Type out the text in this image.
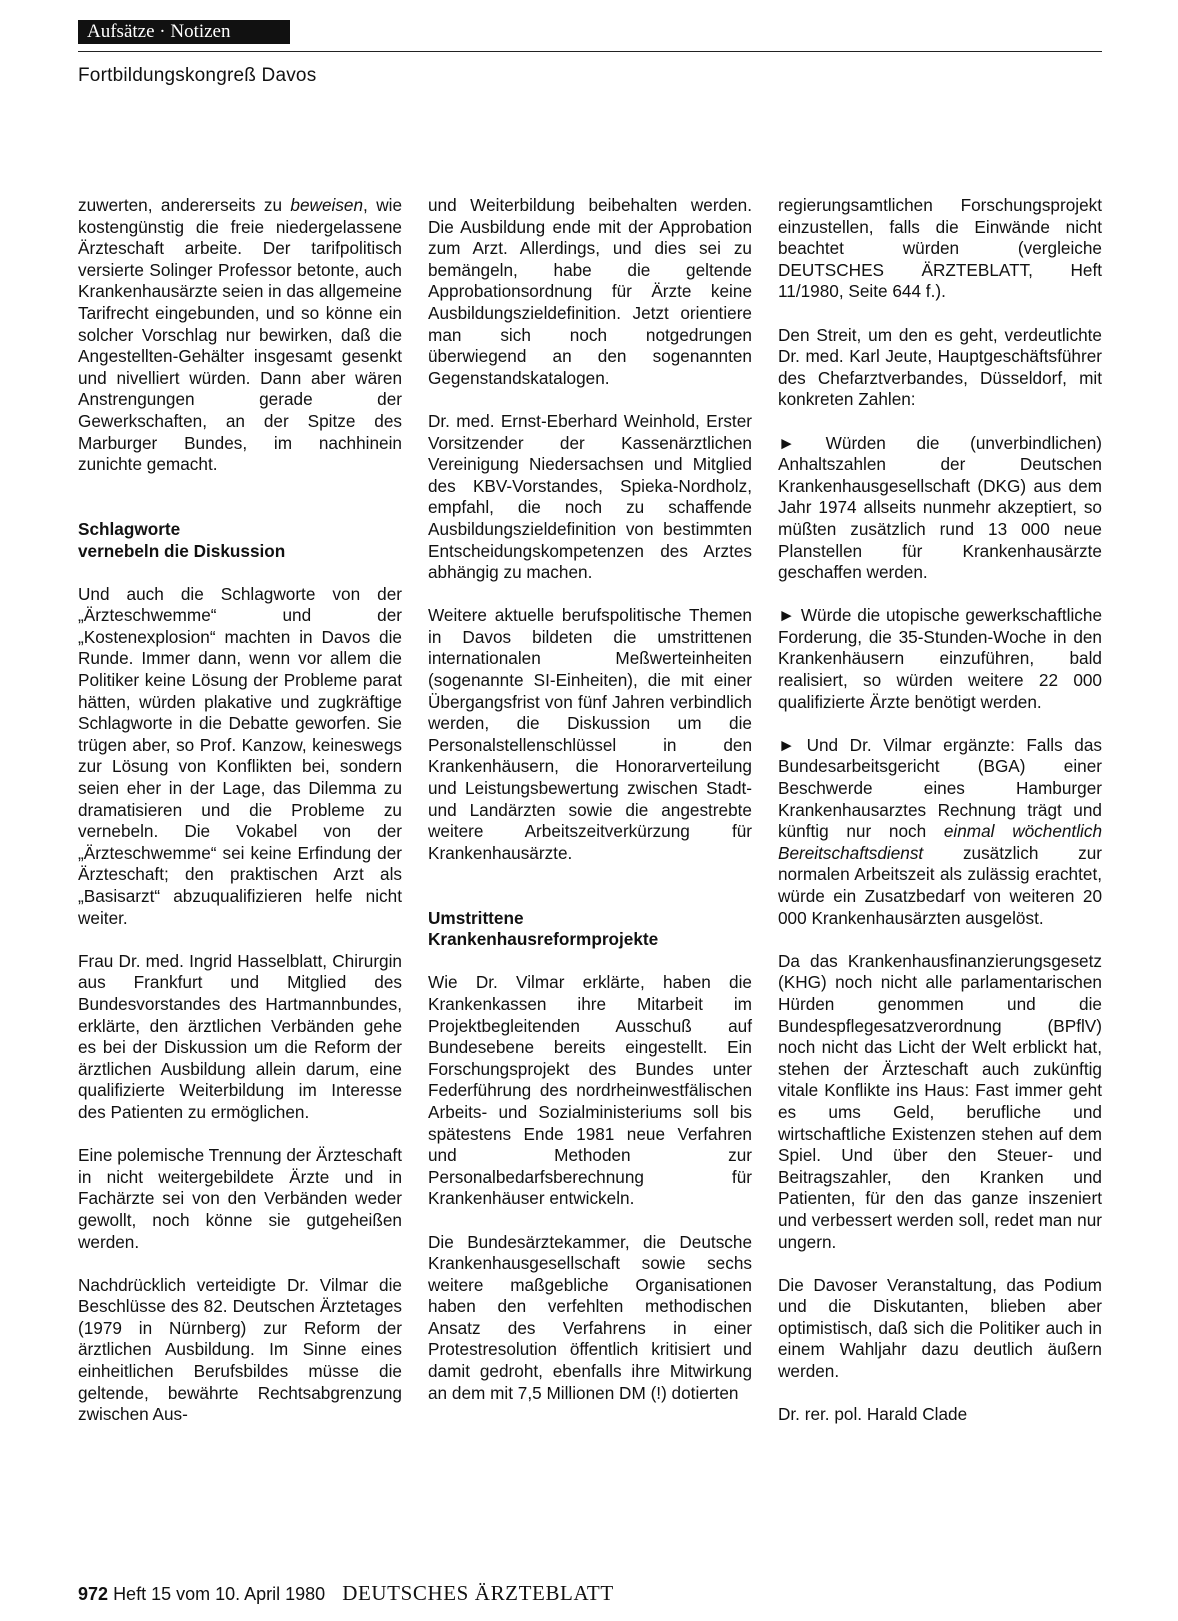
Aufsätze · Notizen
Fortbildungskongreß Davos

zuwerten, andererseits zu beweisen, wie kostengünstig die freie niedergelassene Ärzteschaft arbeite. Der tarifpolitisch versierte Solinger Professor betonte, auch Krankenhausärzte seien in das allgemeine Tarifrecht eingebunden, und so könne ein solcher Vorschlag nur bewirken, daß die Angestellten-Gehälter insgesamt gesenkt und nivelliert würden. Dann aber wären Anstrengungen gerade der Gewerkschaften, an der Spitze des Marburger Bundes, im nachhinein zunichte gemacht.

Schlagworte
vernebeln die Diskussion

Und auch die Schlagworte von der „Ärzteschwemme“ und der „Kostenexplosion“ machten in Davos die Runde. Immer dann, wenn vor allem die Politiker keine Lösung der Probleme parat hätten, würden plakative und zugkräftige Schlagworte in die Debatte geworfen. Sie trügen aber, so Prof. Kanzow, keineswegs zur Lösung von Konflikten bei, sondern seien eher in der Lage, das Dilemma zu dramatisieren und die Probleme zu vernebeln. Die Vokabel von der „Ärzteschwemme“ sei keine Erfindung der Ärzteschaft; den praktischen Arzt als „Basisarzt“ abzuqualifizieren helfe nicht weiter.

Frau Dr. med. Ingrid Hasselblatt, Chirurgin aus Frankfurt und Mitglied des Bundesvorstandes des Hartmannbundes, erklärte, den ärztlichen Verbänden gehe es bei der Diskussion um die Reform der ärztlichen Ausbildung allein darum, eine qualifizierte Weiterbildung im Interesse des Patienten zu ermöglichen.

Eine polemische Trennung der Ärzteschaft in nicht weitergebildete Ärzte und in Fachärzte sei von den Verbänden weder gewollt, noch könne sie gutgeheißen werden.

Nachdrücklich verteidigte Dr. Vilmar die Beschlüsse des 82. Deutschen Ärztetages (1979 in Nürnberg) zur Reform der ärztlichen Ausbildung. Im Sinne eines einheitlichen Berufsbildes müsse die geltende, bewährte Rechtsabgrenzung zwischen Aus-

und Weiterbildung beibehalten werden. Die Ausbildung ende mit der Approbation zum Arzt. Allerdings, und dies sei zu bemängeln, habe die geltende Approbationsordnung für Ärzte keine Ausbildungszieldefinition. Jetzt orientiere man sich noch notgedrungen überwiegend an den sogenannten Gegenstandskatalogen.

Dr. med. Ernst-Eberhard Weinhold, Erster Vorsitzender der Kassenärztlichen Vereinigung Niedersachsen und Mitglied des KBV-Vorstandes, Spieka-Nordholz, empfahl, die noch zu schaffende Ausbildungszieldefinition von bestimmten Entscheidungskompetenzen des Arztes abhängig zu machen.

Weitere aktuelle berufspolitische Themen in Davos bildeten die umstrittenen internationalen Meßwerteinheiten (sogenannte SI-Einheiten), die mit einer Übergangsfrist von fünf Jahren verbindlich werden, die Diskussion um die Personalstellenschlüssel in den Krankenhäusern, die Honorarverteilung und Leistungsbewertung zwischen Stadt- und Landärzten sowie die angestrebte weitere Arbeitszeitverkürzung für Krankenhausärzte.

Umstrittene
Krankenhausreformprojekte

Wie Dr. Vilmar erklärte, haben die Krankenkassen ihre Mitarbeit im Projektbegleitenden Ausschuß auf Bundesebene bereits eingestellt. Ein Forschungsprojekt des Bundes unter Federführung des nordrheinwestfälischen Arbeits- und Sozialministeriums soll bis spätestens Ende 1981 neue Verfahren und Methoden zur Personalbedarfsberechnung für Krankenhäuser entwickeln.

Die Bundesärztekammer, die Deutsche Krankenhausgesellschaft sowie sechs weitere maßgebliche Organisationen haben den verfehlten methodischen Ansatz des Verfahrens in einer Protestresolution öffentlich kritisiert und damit gedroht, ebenfalls ihre Mitwirkung an dem mit 7,5 Millionen DM (!) dotierten

regierungsamtlichen Forschungsprojekt einzustellen, falls die Einwände nicht beachtet würden (vergleiche DEUTSCHES ÄRZTEBLATT, Heft 11/1980, Seite 644 f.).

Den Streit, um den es geht, verdeutlichte Dr. med. Karl Jeute, Hauptgeschäftsführer des Chefarztverbandes, Düsseldorf, mit konkreten Zahlen:

► Würden die (unverbindlichen) Anhaltszahlen der Deutschen Krankenhausgesellschaft (DKG) aus dem Jahr 1974 allseits nunmehr akzeptiert, so müßten zusätzlich rund 13 000 neue Planstellen für Krankenhausärzte geschaffen werden.

► Würde die utopische gewerkschaftliche Forderung, die 35-Stunden-Woche in den Krankenhäusern einzuführen, bald realisiert, so würden weitere 22 000 qualifizierte Ärzte benötigt werden.

► Und Dr. Vilmar ergänzte: Falls das Bundesarbeitsgericht (BGA) einer Beschwerde eines Hamburger Krankenhausarztes Rechnung trägt und künftig nur noch einmal wöchentlich Bereitschaftsdienst zusätzlich zur normalen Arbeitszeit als zulässig erachtet, würde ein Zusatzbedarf von weiteren 20 000 Krankenhausärzten ausgelöst.

Da das Krankenhausfinanzierungsgesetz (KHG) noch nicht alle parlamentarischen Hürden genommen und die Bundespflegesatzverordnung (BPflV) noch nicht das Licht der Welt erblickt hat, stehen der Ärzteschaft auch zukünftig vitale Konflikte ins Haus: Fast immer geht es ums Geld, berufliche und wirtschaftliche Existenzen stehen auf dem Spiel. Und über den Steuer- und Beitragszahler, den Kranken und Patienten, für den das ganze inszeniert und verbessert werden soll, redet man nur ungern.

Die Davoser Veranstaltung, das Podium und die Diskutanten, blieben aber optimistisch, daß sich die Politiker auch in einem Wahljahr dazu deutlich äußern werden.

Dr. rer. pol. Harald Clade

972 Heft 15 vom 10. April 1980 DEUTSCHES ÄRZTEBLATT
